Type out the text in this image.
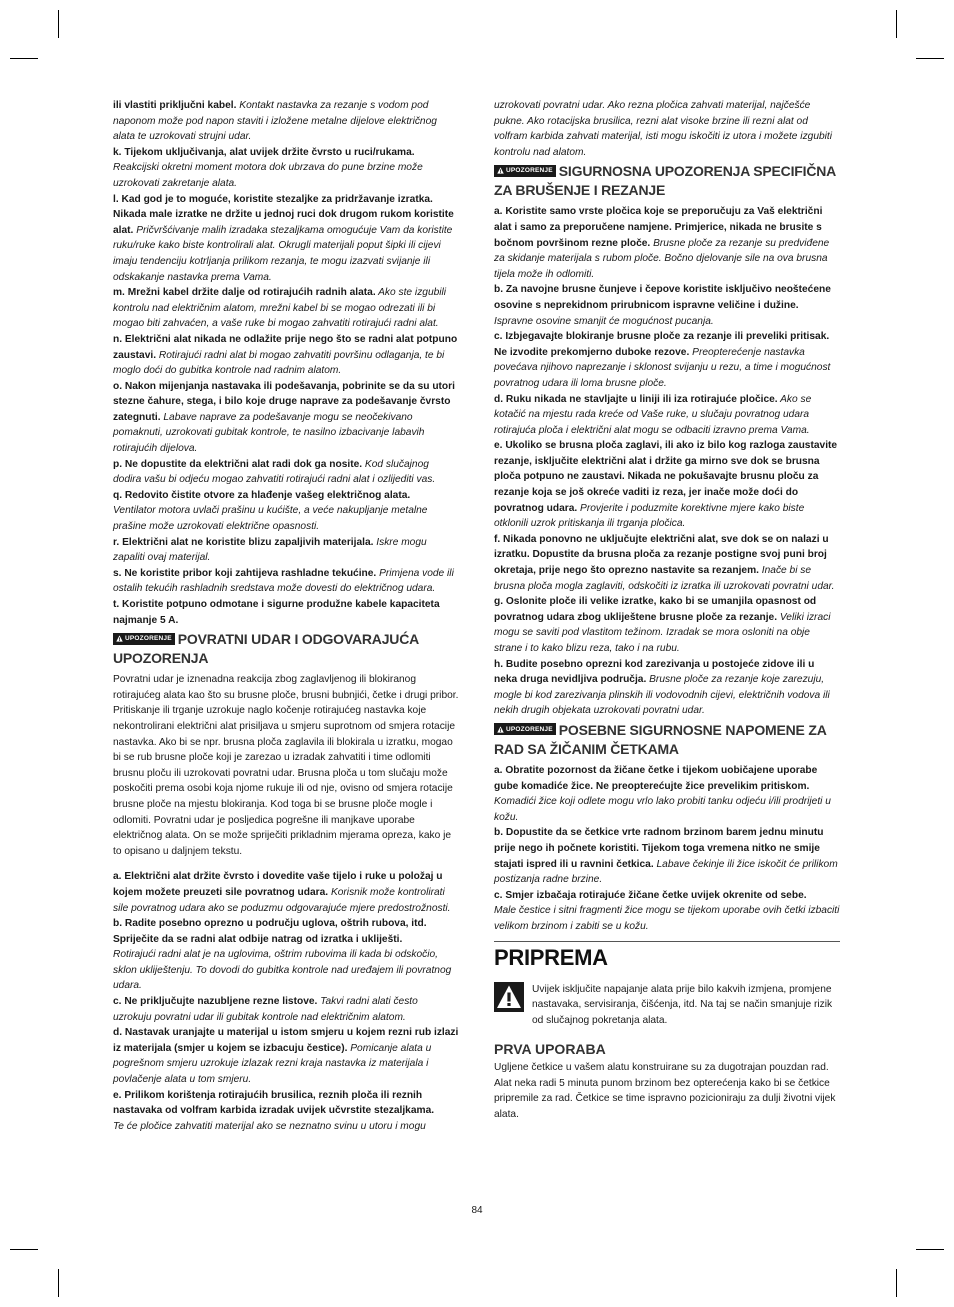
ili vlastiti priključni kabel. Kontakt nastavka za rezanje s vodom pod naponom može pod napon staviti i izložene metalne dijelove električnog alata te uzrokovati strujni udar.

k. Tijekom uključivanja, alat uvijek držite čvrsto u ruci/rukama.
Reakcijski okretni moment motora dok ubrzava do pune brzine može uzrokovati zakretanje alata.

l. Kad god je to moguće, koristite stezaljke za pridržavanje izratka. Nikada male izratke ne držite u jednoj ruci dok drugom rukom koristite alat. Pričvršćivanje malih izradaka stezaljkama omogućuje Vam da koristite ruku/ruke kako biste kontrolirali alat. Okrugli materijali poput šipki ili cijevi imaju tendenciju kotrljanja prilikom rezanja, te mogu izazvati svijanje ili odskakanje nastavka prema Vama.

m. Mrežni kabel držite dalje od rotirajućih radnih alata. Ako ste izgubili kontrolu nad električnim alatom, mrežni kabel bi se mogao odrezati ili bi mogao biti zahvaćen, a vaše ruke bi mogao zahvatiti rotirajući radni alat.

n. Električni alat nikada ne odlažite prije nego što se radni alat potpuno zaustavi. Rotirajući radni alat bi mogao zahvatiti površinu odlaganja, te bi moglo doći do gubitka kontrole nad radnim alatom.

o. Nakon mijenjanja nastavaka ili podešavanja, pobrinite se da su utori stezne čahure, stega, i bilo koje druge naprave za podešavanje čvrsto zategnuti. Labave naprave za podešavanje mogu se neočekivano pomaknuti, uzrokovati gubitak kontrole, te nasilno izbacivanje labavih rotirajućih dijelova.

p. Ne dopustite da električni alat radi dok ga nosite. Kod slučajnog dodira vašu bi odjeću mogao zahvatiti rotirajući radni alat i ozlijediti vas.

q. Redovito čistite otvore za hlađenje vašeg električnog alata.
Ventilator motora uvlači prašinu u kućište, a veće nakupljanje metalne prašine može uzrokovati električne opasnosti.

r. Električni alat ne koristite blizu zapaljivih materijala. Iskre mogu zapaliti ovaj materijal.

s. Ne koristite pribor koji zahtijeva rashladne tekućine. Primjena vode ili ostalih tekućih rashladnih sredstava može dovesti do električnog udara.

t. Koristite potpuno odmotane i sigurne produžne kabele kapaciteta najmanje 5 A.

UPOZORENJE POVRATNI UDAR I ODGOVARAJUĆA UPOZORENJA

Povratni udar je iznenadna reakcija zbog zaglavljenog ili blokiranog rotirajućeg alata kao što su brusne ploče, brusni bubnjići, četke i drugi pribor. Pritiskanje ili trganje uzrokuje naglo kočenje rotirajućeg nastavka koje nekontrolirani električni alat prisiljava u smjeru suprotnom od smjera rotacije nastavka. Ako bi se npr. brusna ploča zaglavila ili blokirala u izratku, mogao bi se rub brusne ploče koji je zarezao u izradak zahvatiti i time odlomiti brusnu ploču ili uzrokovati povratni udar. Brusna ploča u tom slučaju može poskočiti prema osobi koja njome rukuje ili od nje, ovisno od smjera rotacije brusne ploče na mjestu blokiranja. Kod toga bi se brusne ploče mogle i odlomiti. Povratni udar je posljedica pogrešne ili manjkave uporabe električnog alata. On se može spriječiti prikladnim mjerama opreza, kako je to opisano u daljnjem tekstu.

a. Električni alat držite čvrsto i dovedite vaše tijelo i ruke u položaj u kojem možete preuzeti sile povratnog udara. Korisnik može kontrolirati sile povratnog udara ako se poduzmu odgovarajuće mjere predostrožnosti.

b. Radite posebno oprezno u području uglova, oštrih rubova, itd. Spriječite da se radni alat odbije natrag od izratka i ukliješti.
Rotirajući radni alat je na uglovima, oštrim rubovima ili kada bi odskočio, sklon ukliještenju. To dovodi do gubitka kontrole nad uređajem ili povratnog udara.

c. Ne priključujte nazubljene rezne listove. Takvi radni alati često uzrokuju povratni udar ili gubitak kontrole nad električnim alatom.

d. Nastavak uranjajte u materijal u istom smjeru u kojem rezni rub izlazi iz materijala (smjer u kojem se izbacuju čestice). Pomicanje alata u pogrešnom smjeru uzrokuje izlazak rezni kraja nastavka iz materijala i povlačenje alata u tom smjeru.

e. Prilikom korištenja rotirajućih brusilica, reznih ploča ili reznih nastavaka od volfram karbida izradak uvijek učvrstite stezaljkama.
Te će pločice zahvatiti materijal ako se neznatno svinu u utoru i mogu

uzrokovati povratni udar. Ako rezna pločica zahvati materijal, najčešće pukne. Ako rotacijska brusilica, rezni alat visoke brzine ili rezni alat od volfram karbida zahvati materijal, isti mogu iskočiti iz utora i možete izgubiti kontrolu nad alatom.

UPOZORENJE SIGURNOSNA UPOZORENJA SPECIFIČNA ZA BRUŠENJE I REZANJE

a. Koristite samo vrste pločica koje se preporučuju za Vaš električni alat i samo za preporučene namjene. Primjerice, nikada ne brusite s bočnom površinom rezne ploče. Brusne ploče za rezanje su predviđene za skidanje materijala s rubom ploče. Bočno djelovanje sile na ova brusna tijela može ih odlomiti.

b. Za navojne brusne čunjeve i čepove koristite isključivo neoštećene osovine s neprekidnom prirubnicom ispravne veličine i dužine. Ispravne osovine smanjit će mogućnost pucanja.

c. Izbjegavajte blokiranje brusne ploče za rezanje ili preveliki pritisak. Ne izvodite prekomjerno duboke rezove. Preopterećenje nastavka povećava njihovo naprezanje i sklonost svijanju u rezu, a time i mogućnost povratnog udara ili loma brusne ploče.

d. Ruku nikada ne stavljajte u liniji ili iza rotirajuće pločice. Ako se kotačić na mjestu rada kreće od Vaše ruke, u slučaju povratnog udara rotirajuća ploča i električni alat mogu se odbaciti izravno prema Vama.

e. Ukoliko se brusna ploča zaglavi, ili ako iz bilo kog razloga zaustavite rezanje, isključite električni alat i držite ga mirno sve dok se brusna ploča potpuno ne zaustavi. Nikada ne pokušavajte brusnu ploču za rezanje koja se još okreće vaditi iz reza, jer inače može doći do povratnog udara. Provjerite i poduzmite korektivne mjere kako biste otklonili uzrok pritiskanja ili trganja pločica.

f. Nikada ponovno ne uključujte električni alat, sve dok se on nalazi u izratku. Dopustite da brusna ploča za rezanje postigne svoj puni broj okretaja, prije nego što oprezno nastavite sa rezanjem. Inače bi se brusna ploča mogla zaglaviti, odskočiti iz izratka ili uzrokovati povratni udar.

g. Oslonite ploče ili velike izratke, kako bi se umanjila opasnost od povratnog udara zbog ukliještene brusne ploče za rezanje. Veliki izraci mogu se saviti pod vlastitom težinom. Izradak se mora osloniti na obje strane i to kako blizu reza, tako i na rubu.

h. Budite posebno oprezni kod zarezivanja u postojeće zidove ili u neka druga nevidljiva područja. Brusne ploče za rezanje koje zarezuju, mogle bi kod zarezivanja plinskih ili vodovodnih cijevi, električnih vodova ili nekih drugih objekata uzrokovati povratni udar.

UPOZORENJE POSEBNE SIGURNOSNE NAPOMENE ZA RAD SA ŽIČANIM ČETKAMA

a. Obratite pozornost da žičane četke i tijekom uobičajene uporabe gube komadiće žice. Ne preopterećujte žice prevelikim pritiskom.
Komadići žice koji odlete mogu vrlo lako probiti tanku odjeću i/ili prodrijeti u kožu.

b. Dopustite da se četkice vrte radnom brzinom barem jednu minutu prije nego ih počnete koristiti. Tijekom toga vremena nitko ne smije stajati ispred ili u ravnini četkica. Labave čekinje ili žice iskočit će prilikom postizanja radne brzine.

c. Smjer izbačaja rotirajuće žičane četke uvijek okrenite od sebe.
Male čestice i sitni fragmenti žice mogu se tijekom uporabe ovih četki izbaciti velikom brzinom i zabiti se u kožu.

PRIPREMA

Uvijek isključite napajanje alata prije bilo kakvih izmjena, promjene nastavaka, servisiranja, čišćenja, itd. Na taj se način smanjuje rizik od slučajnog pokretanja alata.

PRVA UPORABA

Ugljene četkice u vašem alatu konstruirane su za dugotrajan pouzdan rad. Alat neka radi 5 minuta punom brzinom bez opterećenja kako bi se četkice pripremile za rad. Četkice se time ispravno pozicioniraju za dulji životni vijek alata.

84
